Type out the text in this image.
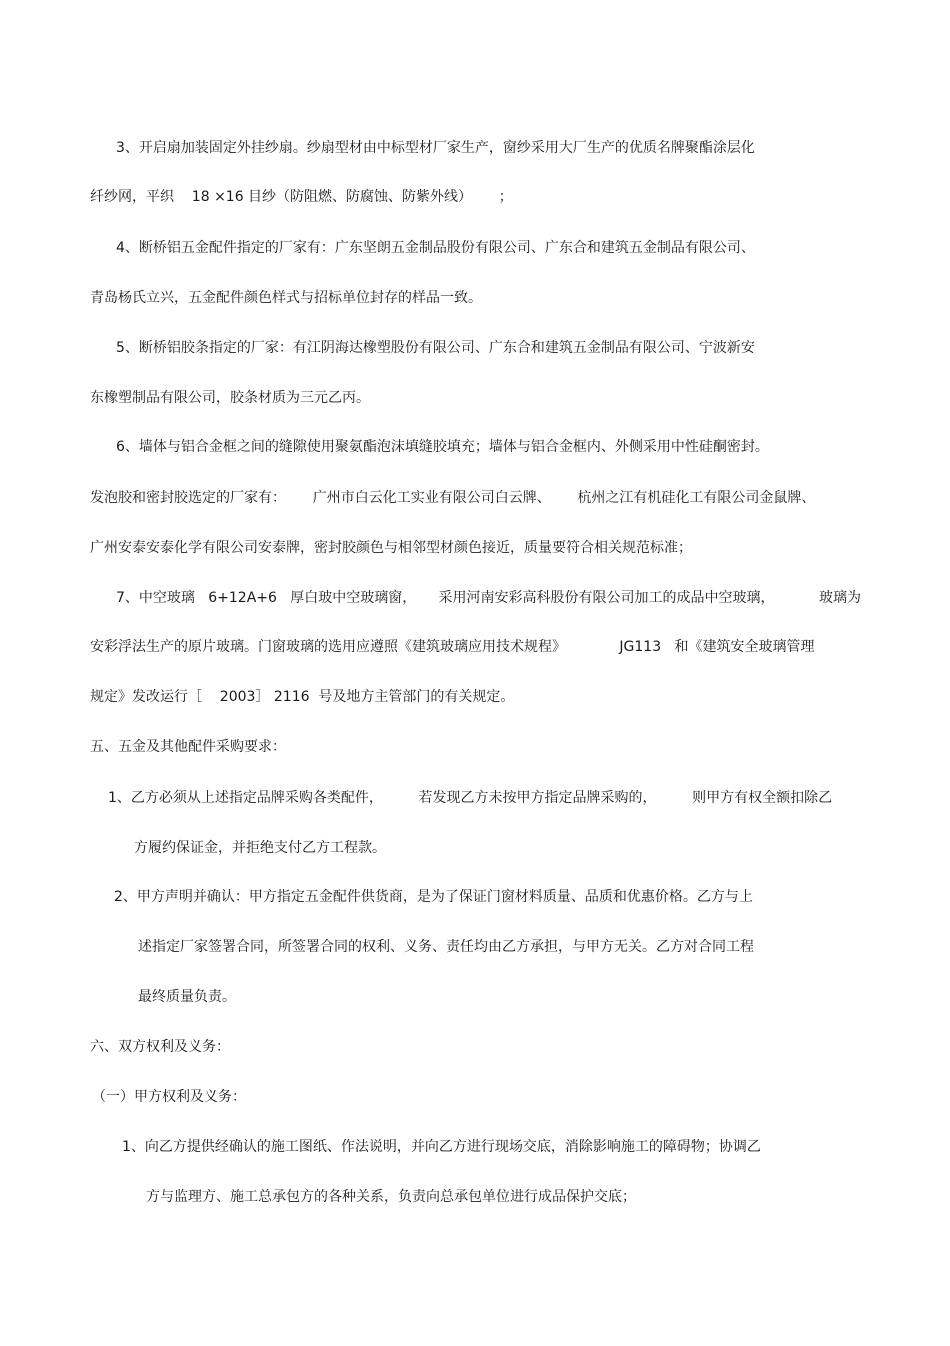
3、开启扇加装固定外挂纱扇。纱扇型材由中标型材厂家生产，窗纱采用大厂生产的优质名牌聚酯涂层化

纤纱网，平织    18 ×16 目纱（防阻燃、防腐蚀、防紫外线）      ；

4、断桥铝五金配件指定的厂家有：广东坚朗五金制品股份有限公司、广东合和建筑五金制品有限公司、

青岛杨氏立兴，五金配件颜色样式与招标单位封存的样品一致。

5、断桥铝胶条指定的厂家：有江阴海达橡塑股份有限公司、广东合和建筑五金制品有限公司、宁波新安

东橡塑制品有限公司，胶条材质为三元乙丙。

6、墙体与铝合金框之间的缝隙使用聚氨酯泡沫填缝胶填充；墙体与铝合金框内、外侧采用中性硅酮密封。

发泡胶和密封胶选定的厂家有：      广州市白云化工实业有限公司白云牌、      杭州之江有机硅化工有限公司金鼠牌、

广州安泰安泰化学有限公司安泰牌，密封胶颜色与相邻型材颜色接近，质量要符合相关规范标准；

7、中空玻璃   6+12A+6   厚白玻中空玻璃窗，     采用河南安彩高科股份有限公司加工的成品中空玻璃，          玻璃为

安彩浮法生产的原片玻璃。门窗玻璃的选用应遵照《建筑玻璃应用技术规程》            JG113   和《建筑安全玻璃管理

规定》发改运行［    2003］ 2116  号及地方主管部门的有关规定。

五、五金及其他配件采购要求：

1、乙方必须从上述指定品牌采购各类配件，        若发现乙方未按甲方指定品牌采购的，        则甲方有权全额扣除乙

方履约保证金，并拒绝支付乙方工程款。

2、甲方声明并确认：甲方指定五金配件供货商，是为了保证门窗材料质量、品质和优惠价格。乙方与上

述指定厂家签署合同，所签署合同的权利、义务、责任均由乙方承担，与甲方无关。乙方对合同工程

最终质量负责。

六、双方权利及义务：

（一）甲方权利及义务：

1、向乙方提供经确认的施工图纸、作法说明，并向乙方进行现场交底，消除影响施工的障碍物；协调乙

方与监理方、施工总承包方的各种关系，负责向总承包单位进行成品保护交底；
